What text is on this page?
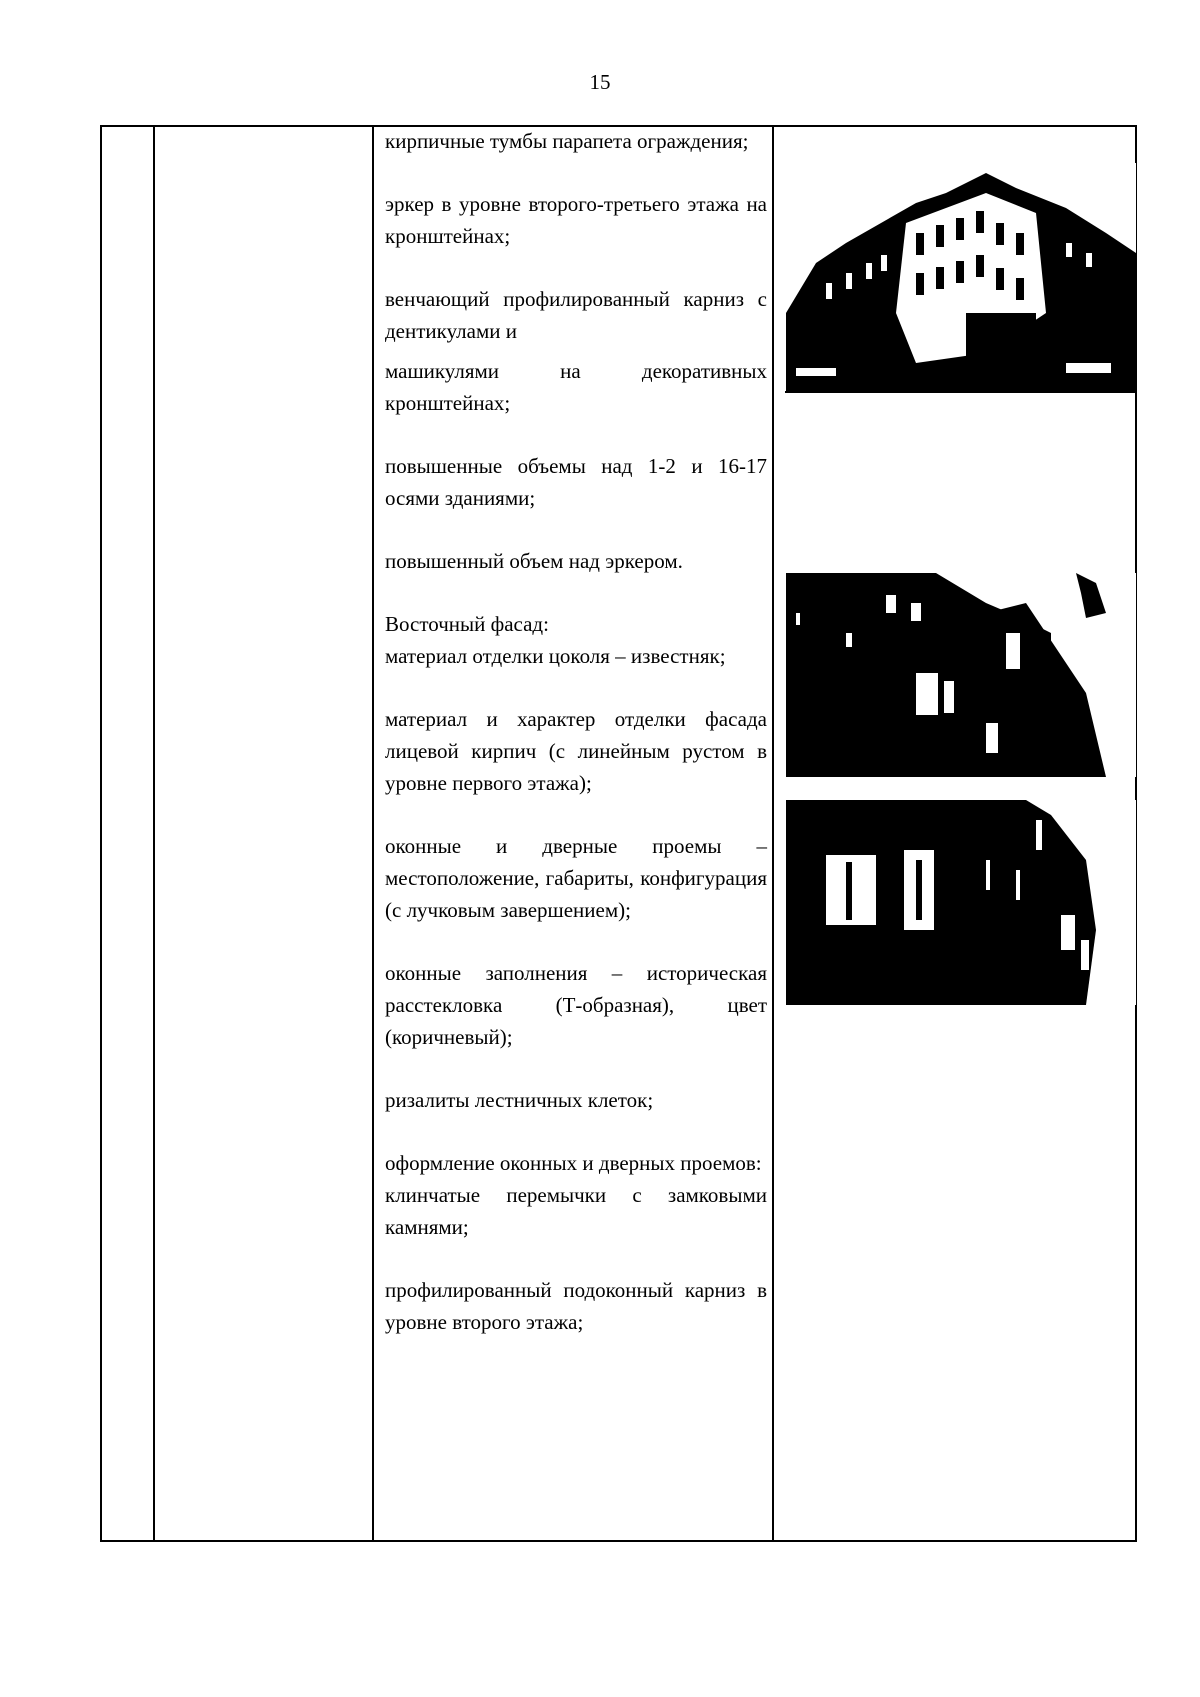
15

кирпичные тумбы парапета ограждения;

эркер в уровне второго-третьего этажа на кронштейнах;

венчающий профилированный карниз с дентикулами и

машикулями на декоративных кронштейнах;

повышенные объемы над 1-2 и 16-17 осями зданиями;

повышенный объем над эркером.

Восточный фасад:

материал отделки цоколя – известняк;

материал и характер отделки фасада лицевой кирпич (с линейным рустом в уровне первого этажа);

оконные и дверные проемы – местоположение, габариты, конфигурация (с лучковым завершением);

оконные заполнения – историческая расстекловка (Т-образная), цвет (коричневый);

ризалиты лестничных клеток;

оформление оконных и дверных проемов:

клинчатые перемычки с замковыми камнями;

профилированный подоконный карниз в уровне второго этажа;
